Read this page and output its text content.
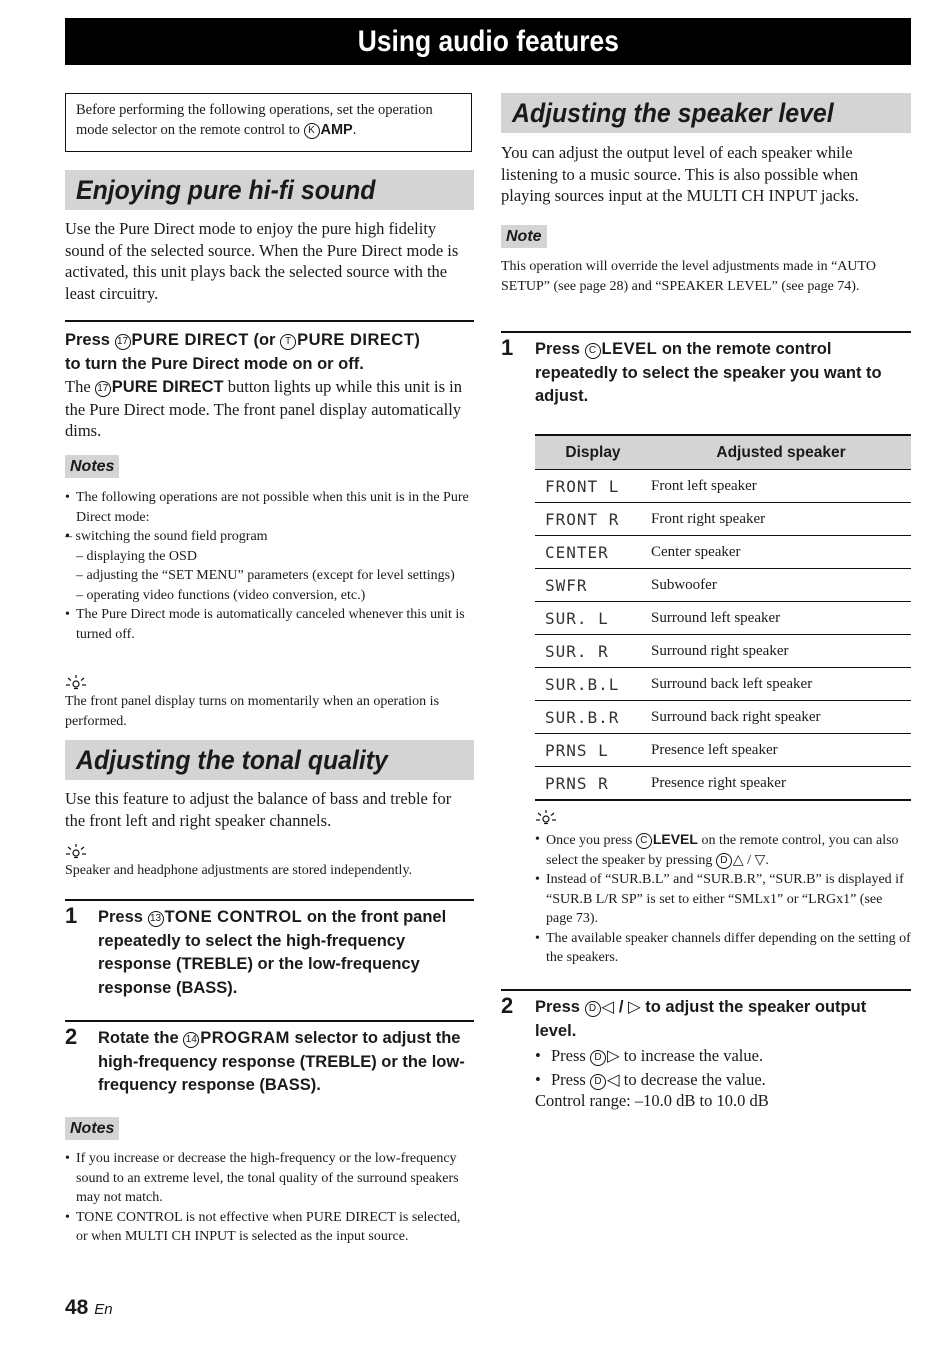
Using audio features
Before performing the following operations, set the operation mode selector on the remote control to K AMP.
Enjoying pure hi-fi sound
Use the Pure Direct mode to enjoy the pure high fidelity sound of the selected source. When the Pure Direct mode is activated, this unit plays back the selected source with the least circuitry.
Press 17 PURE DIRECT (or T PURE DIRECT)
to turn the Pure Direct mode on or off.
The 17 PURE DIRECT button lights up while this unit is in the Pure Direct mode. The front panel display automatically dims.
Notes
• The following operations are not possible when this unit is in the Pure Direct mode:
• – switching the sound field program
– displaying the OSD
– adjusting the “SET MENU” parameters (except for level settings)
– operating video functions (video conversion, etc.)
• The Pure Direct mode is automatically canceled whenever this unit is turned off.
The front panel display turns on momentarily when an operation is performed.
Adjusting the tonal quality
Use this feature to adjust the balance of bass and treble for the front left and right speaker channels.
Speaker and headphone adjustments are stored independently.
1 Press 13 TONE CONTROL on the front panel repeatedly to select the high-frequency response (TREBLE) or the low-frequency response (BASS).
2 Rotate the 14 PROGRAM selector to adjust the high-frequency response (TREBLE) or the low-frequency response (BASS).
Notes
• If you increase or decrease the high-frequency or the low-frequency sound to an extreme level, the tonal quality of the surround speakers may not match.
• TONE CONTROL is not effective when PURE DIRECT is selected, or when MULTI CH INPUT is selected as the input source.
Adjusting the speaker level
You can adjust the output level of each speaker while listening to a music source. This is also possible when playing sources input at the MULTI CH INPUT jacks.
Note
This operation will override the level adjustments made in “AUTO SETUP” (see page 28) and “SPEAKER LEVEL” (see page 74).
1 Press C LEVEL on the remote control repeatedly to select the speaker you want to adjust.
Display	Adjusted speaker
FRONT L	Front left speaker
FRONT R	Front right speaker
CENTER	Center speaker
SWFR	Subwoofer
SUR. L	Surround left speaker
SUR. R	Surround right speaker
SUR.B.L	Surround back left speaker
SUR.B.R	Surround back right speaker
PRNS L	Presence left speaker
PRNS R	Presence right speaker
• Once you press C LEVEL on the remote control, you can also select the speaker by pressing D △ / ▽.
• Instead of “SUR.B.L” and “SUR.B.R”, “SUR.B” is displayed if “SUR.B L/R SP” is set to either “SMLx1” or “LRGx1” (see page 73).
• The available speaker channels differ depending on the setting of the speakers.
2 Press D ◁ / ▷ to adjust the speaker output level.
• Press D ▷ to increase the value.
• Press D ◁ to decrease the value.
Control range: –10.0 dB to 10.0 dB
48 En
